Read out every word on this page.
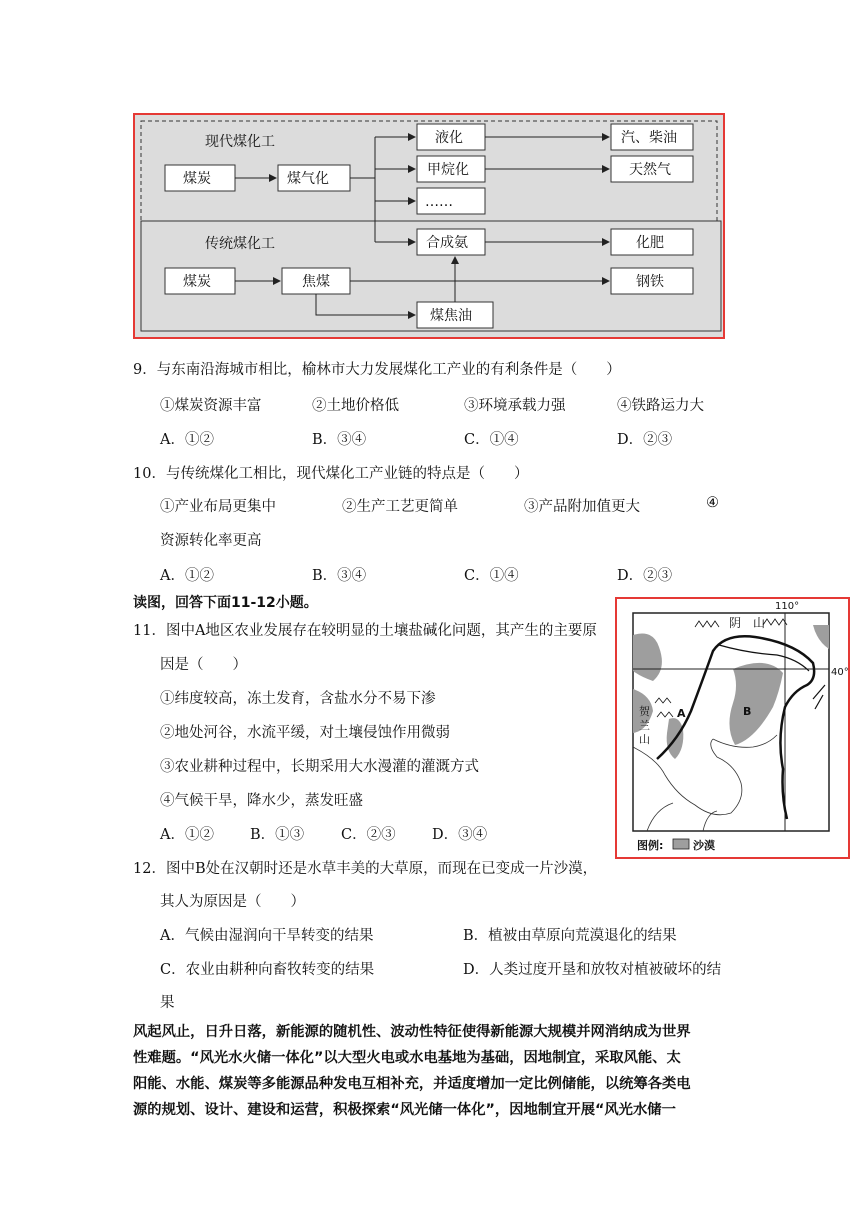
现代煤化工
传统煤化工
煤炭	煤气化
液化
甲烷化
……
合成氨
汽、柴油
天然气
化肥
煤炭	焦煤	钢铁
煤焦油
9．与东南沿海城市相比，榆林市大力发展煤化工产业的有利条件是（　　）
①煤炭资源丰富	②土地价格低	③环境承载力强	④铁路运力大
A．①②	B．③④	C．①④	D．②③
10．与传统煤化工相比，现代煤化工产业链的特点是（　　）
①产业布局更集中	②生产工艺更简单	③产品附加值更大	④
资源转化率更高
A．①②	B．③④	C．①④	D．②③
读图，回答下面11-12小题。
11．图中A地区农业发展存在较明显的土壤盐碱化问题，其产生的主要原
因是（　　）
①纬度较高，冻土发育，含盐水分不易下渗
②地处河谷，水流平缓，对土壤侵蚀作用微弱
③农业耕种过程中，长期采用大水漫灌的灌溉方式
④气候干旱，降水少，蒸发旺盛
A．①② B．①③	C．②③	D．③④
12．图中B处在汉朝时还是水草丰美的大草原，而现在已变成一片沙漠，
其人为原因是（　　）
A．气候由湿润向干旱转变的结果	B．植被由草原向荒漠退化的结果
C．农业由耕种向畜牧转变的结果	D．人类过度开垦和放牧对植被破坏的结
果
110°
40°
阴　山
贺
兰
山
A	B
图例:	沙漠
风起风止，日升日落，新能源的随机性、波动性特征使得新能源大规模并网消纳成为世界
性难题。“风光水火储一体化”以大型火电或水电基地为基础，因地制宜，采取风能、太
阳能、水能、煤炭等多能源品种发电互相补充，并适度增加一定比例储能，以统筹各类电
源的规划、设计、建设和运营，积极探索“风光储一体化”，因地制宜开展“风光水储一
